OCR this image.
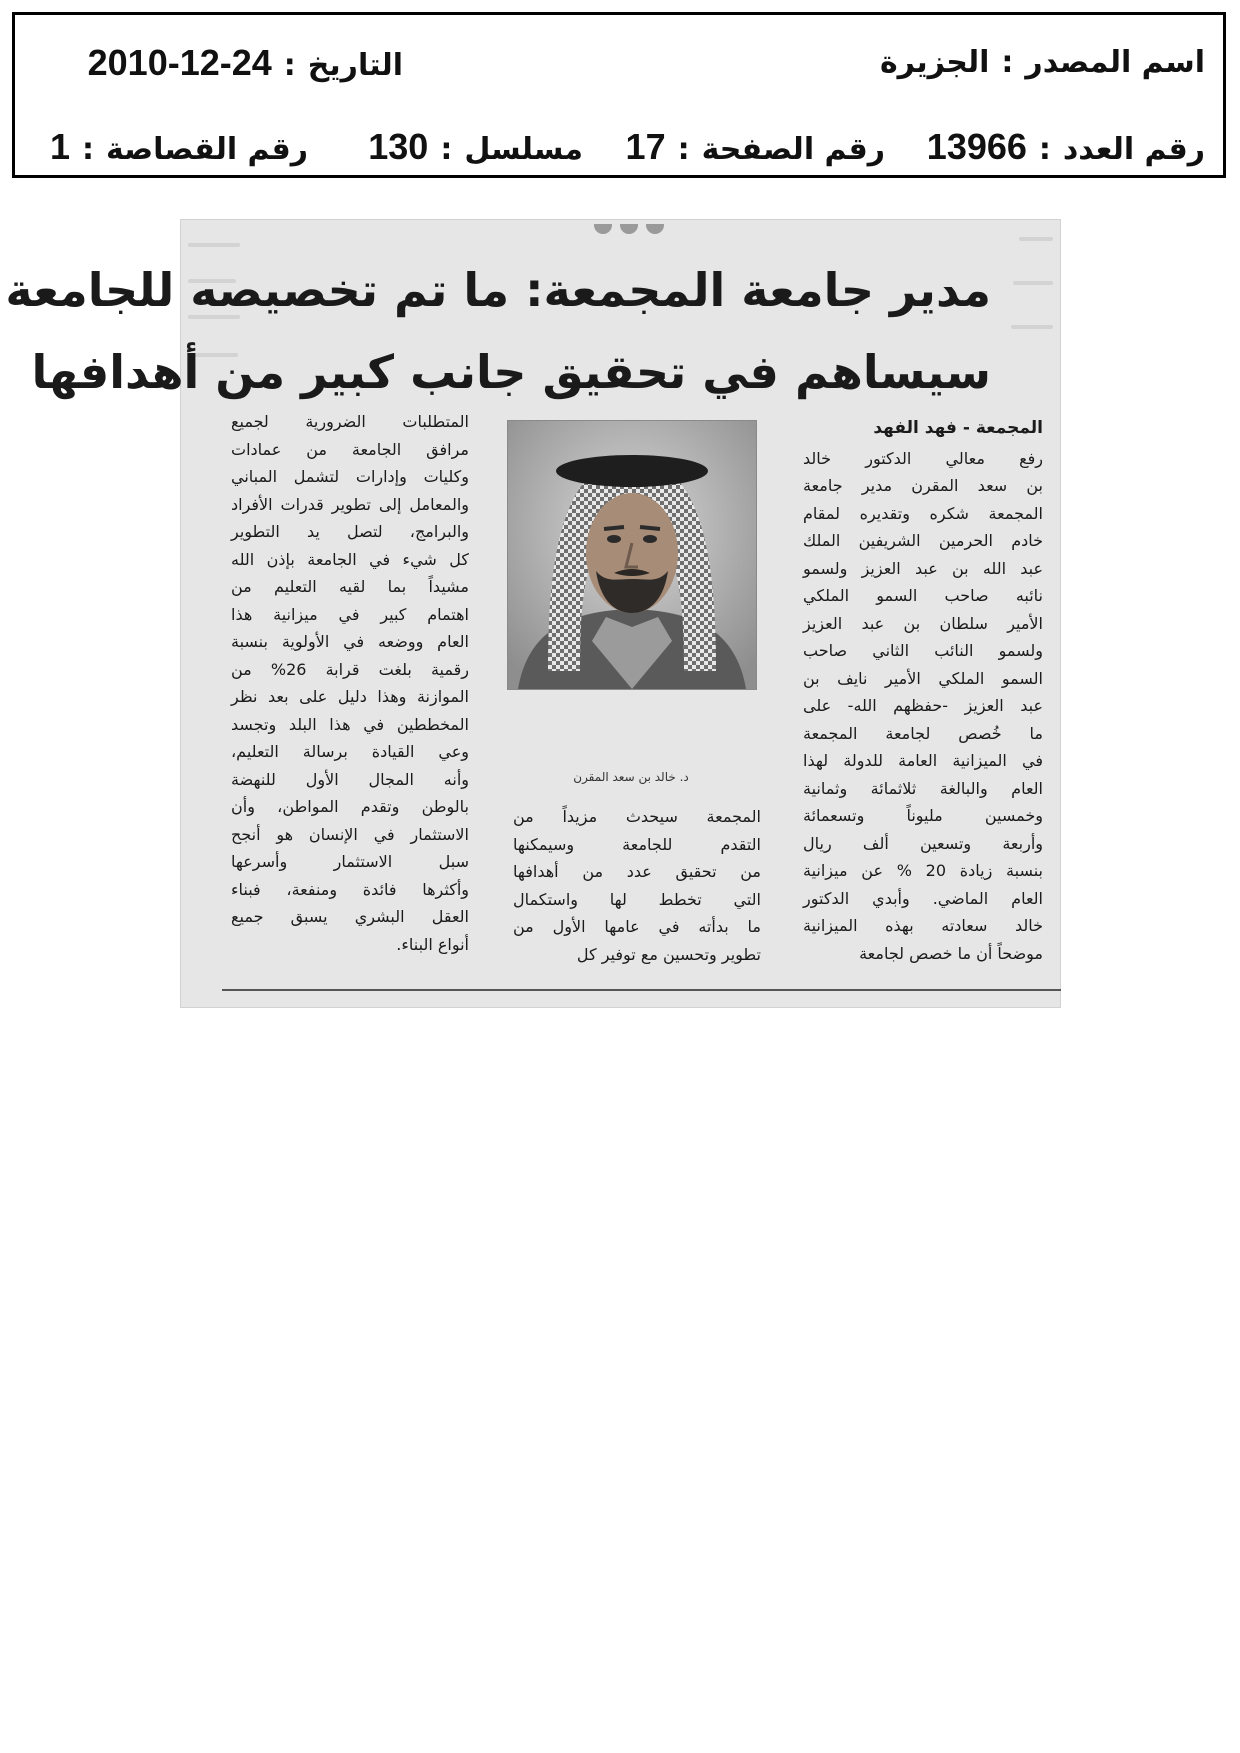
اسم المصدر:الجزيرة
التاريخ:2010-12-24
رقم العدد:13966
رقم الصفحة:17
مسلسل:130
رقم القصاصة:1
مدير جامعة المجمعة: ما تم تخصيصه للجامعة
سيساهم في تحقيق جانب كبير من أهدافها
المجمعة - فهد الفهد
رفع معالي الدكتور خالد
بن سعد المقرن مدير جامعة
المجمعة شكره وتقديره لمقام
خادم الحرمين الشريفين الملك
عبد الله بن عبد العزيز ولسمو
نائبه صاحب السمو الملكي
الأمير سلطان بن عبد العزيز
ولسمو النائب الثاني صاحب
السمو الملكي الأمير نايف بن
عبد العزيز -حفظهم الله- على
ما خُصص لجامعة المجمعة
في الميزانية العامة للدولة لهذا
العام والبالغة ثلاثمائة وثمانية
وخمسين مليوناً وتسعمائة
وأربعة وتسعين ألف ريال
بنسبة زيادة 20 % عن ميزانية
العام الماضي. وأبدي الدكتور
خالد سعادته بهذه الميزانية
موضحاً أن ما خصص لجامعة
د. خالد بن سعد المقرن
المجمعة سيحدث مزيداً من
التقدم للجامعة وسيمكنها
من تحقيق عدد من أهدافها
التي تخطط لها واستكمال
ما بدأته في عامها الأول من
تطوير وتحسين مع توفير كل
المتطلبات الضرورية لجميع
مرافق الجامعة من عمادات
وكليات وإدارات لتشمل المباني
والمعامل إلى تطوير قدرات الأفراد
والبرامج، لتصل يد التطوير
كل شيء في الجامعة بإذن الله
مشيداً بما لقيه التعليم من
اهتمام كبير في ميزانية هذا
العام ووضعه في الأولوية بنسبة
رقمية بلغت قرابة 26% من
الموازنة وهذا دليل على بعد نظر
المخططين في هذا البلد وتجسد
وعي القيادة برسالة التعليم،
وأنه المجال الأول للنهضة
بالوطن وتقدم المواطن، وأن
الاستثمار في الإنسان هو أنجح
سبل الاستثمار وأسرعها
وأكثرها فائدة ومنفعة، فبناء
العقل البشري يسبق جميع
أنواع البناء.
